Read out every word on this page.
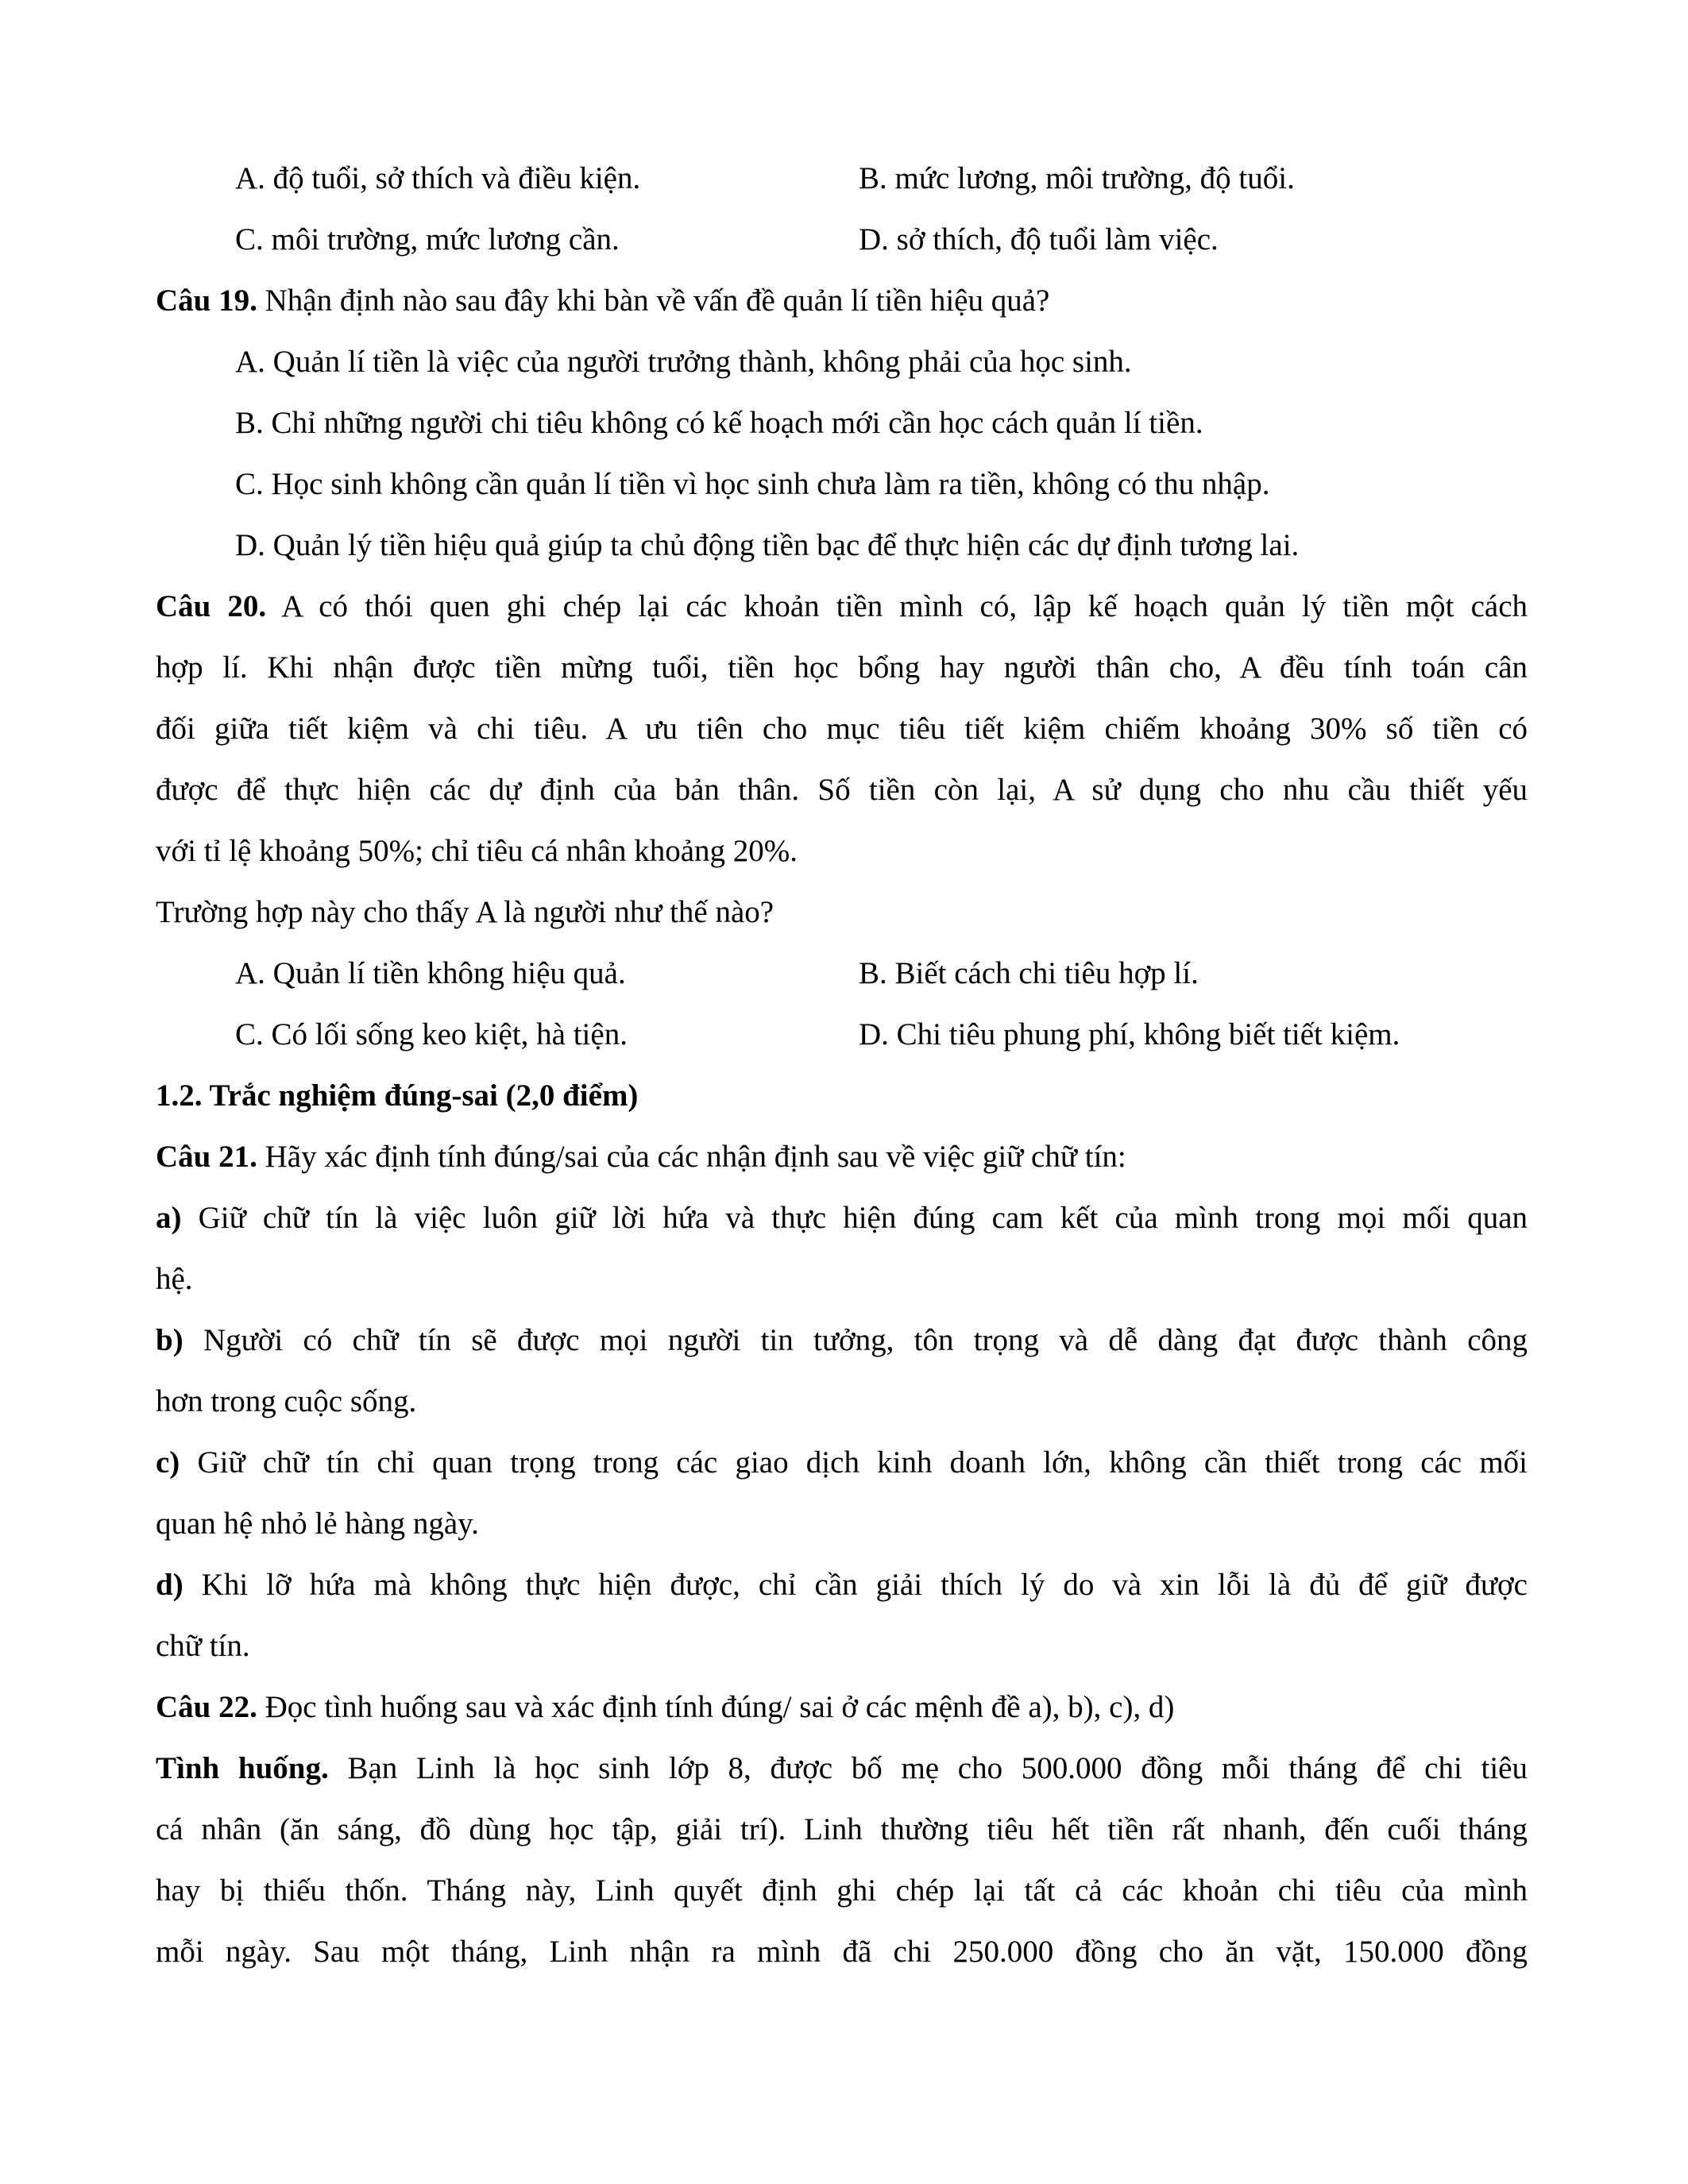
A. độ tuổi, sở thích và điều kiện.	B. mức lương, môi trường, độ tuổi.
C. môi trường, mức lương cần.	D. sở thích, độ tuổi làm việc.
Câu 19. Nhận định nào sau đây khi bàn về vấn đề quản lí tiền hiệu quả?
A. Quản lí tiền là việc của người trưởng thành, không phải của học sinh.
B. Chỉ những người chi tiêu không có kế hoạch mới cần học cách quản lí tiền.
C. Học sinh không cần quản lí tiền vì học sinh chưa làm ra tiền, không có thu nhập.
D. Quản lý tiền hiệu quả giúp ta chủ động tiền bạc để thực hiện các dự định tương lai.
Câu 20. A có thói quen ghi chép lại các khoản tiền mình có, lập kế hoạch quản lý tiền một cách
hợp lí. Khi nhận được tiền mừng tuổi, tiền học bổng hay người thân cho, A đều tính toán cân
đối giữa tiết kiệm và chi tiêu. A ưu tiên cho mục tiêu tiết kiệm chiếm khoảng 30% số tiền có
được để thực hiện các dự định của bản thân. Số tiền còn lại, A sử dụng cho nhu cầu thiết yếu
với tỉ lệ khoảng 50%; chỉ tiêu cá nhân khoảng 20%.
Trường hợp này cho thấy A là người như thế nào?
A. Quản lí tiền không hiệu quả.	B. Biết cách chi tiêu hợp lí.
C. Có lối sống keo kiệt, hà tiện.	D. Chi tiêu phung phí, không biết tiết kiệm.
1.2. Trắc nghiệm đúng-sai (2,0 điểm)
Câu 21. Hãy xác định tính đúng/sai của các nhận định sau về việc giữ chữ tín:
a) Giữ chữ tín là việc luôn giữ lời hứa và thực hiện đúng cam kết của mình trong mọi mối quan
hệ.
b) Người có chữ tín sẽ được mọi người tin tưởng, tôn trọng và dễ dàng đạt được thành công
hơn trong cuộc sống.
c) Giữ chữ tín chỉ quan trọng trong các giao dịch kinh doanh lớn, không cần thiết trong các mối
quan hệ nhỏ lẻ hàng ngày.
d) Khi lỡ hứa mà không thực hiện được, chỉ cần giải thích lý do và xin lỗi là đủ để giữ được
chữ tín.
Câu 22. Đọc tình huống sau và xác định tính đúng/ sai ở các mệnh đề a), b), c), d)
Tình huống. Bạn Linh là học sinh lớp 8, được bố mẹ cho 500.000 đồng mỗi tháng để chi tiêu
cá nhân (ăn sáng, đồ dùng học tập, giải trí). Linh thường tiêu hết tiền rất nhanh, đến cuối tháng
hay bị thiếu thốn. Tháng này, Linh quyết định ghi chép lại tất cả các khoản chi tiêu của mình
mỗi ngày. Sau một tháng, Linh nhận ra mình đã chi 250.000 đồng cho ăn vặt, 150.000 đồng
